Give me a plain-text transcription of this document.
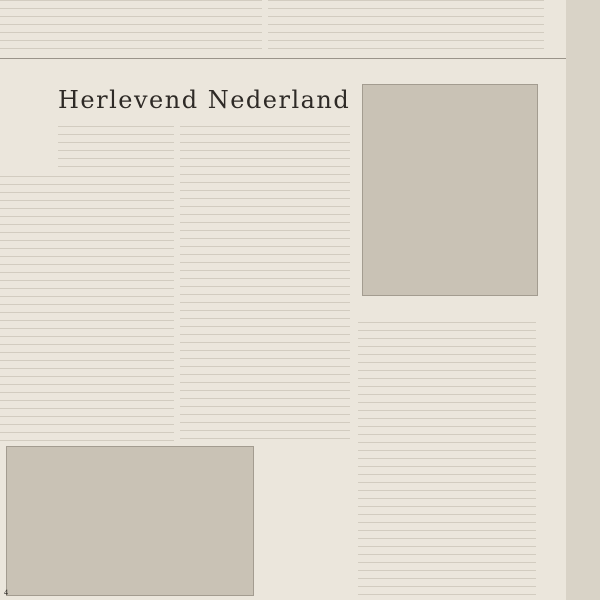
Herlevend Nederland
4
